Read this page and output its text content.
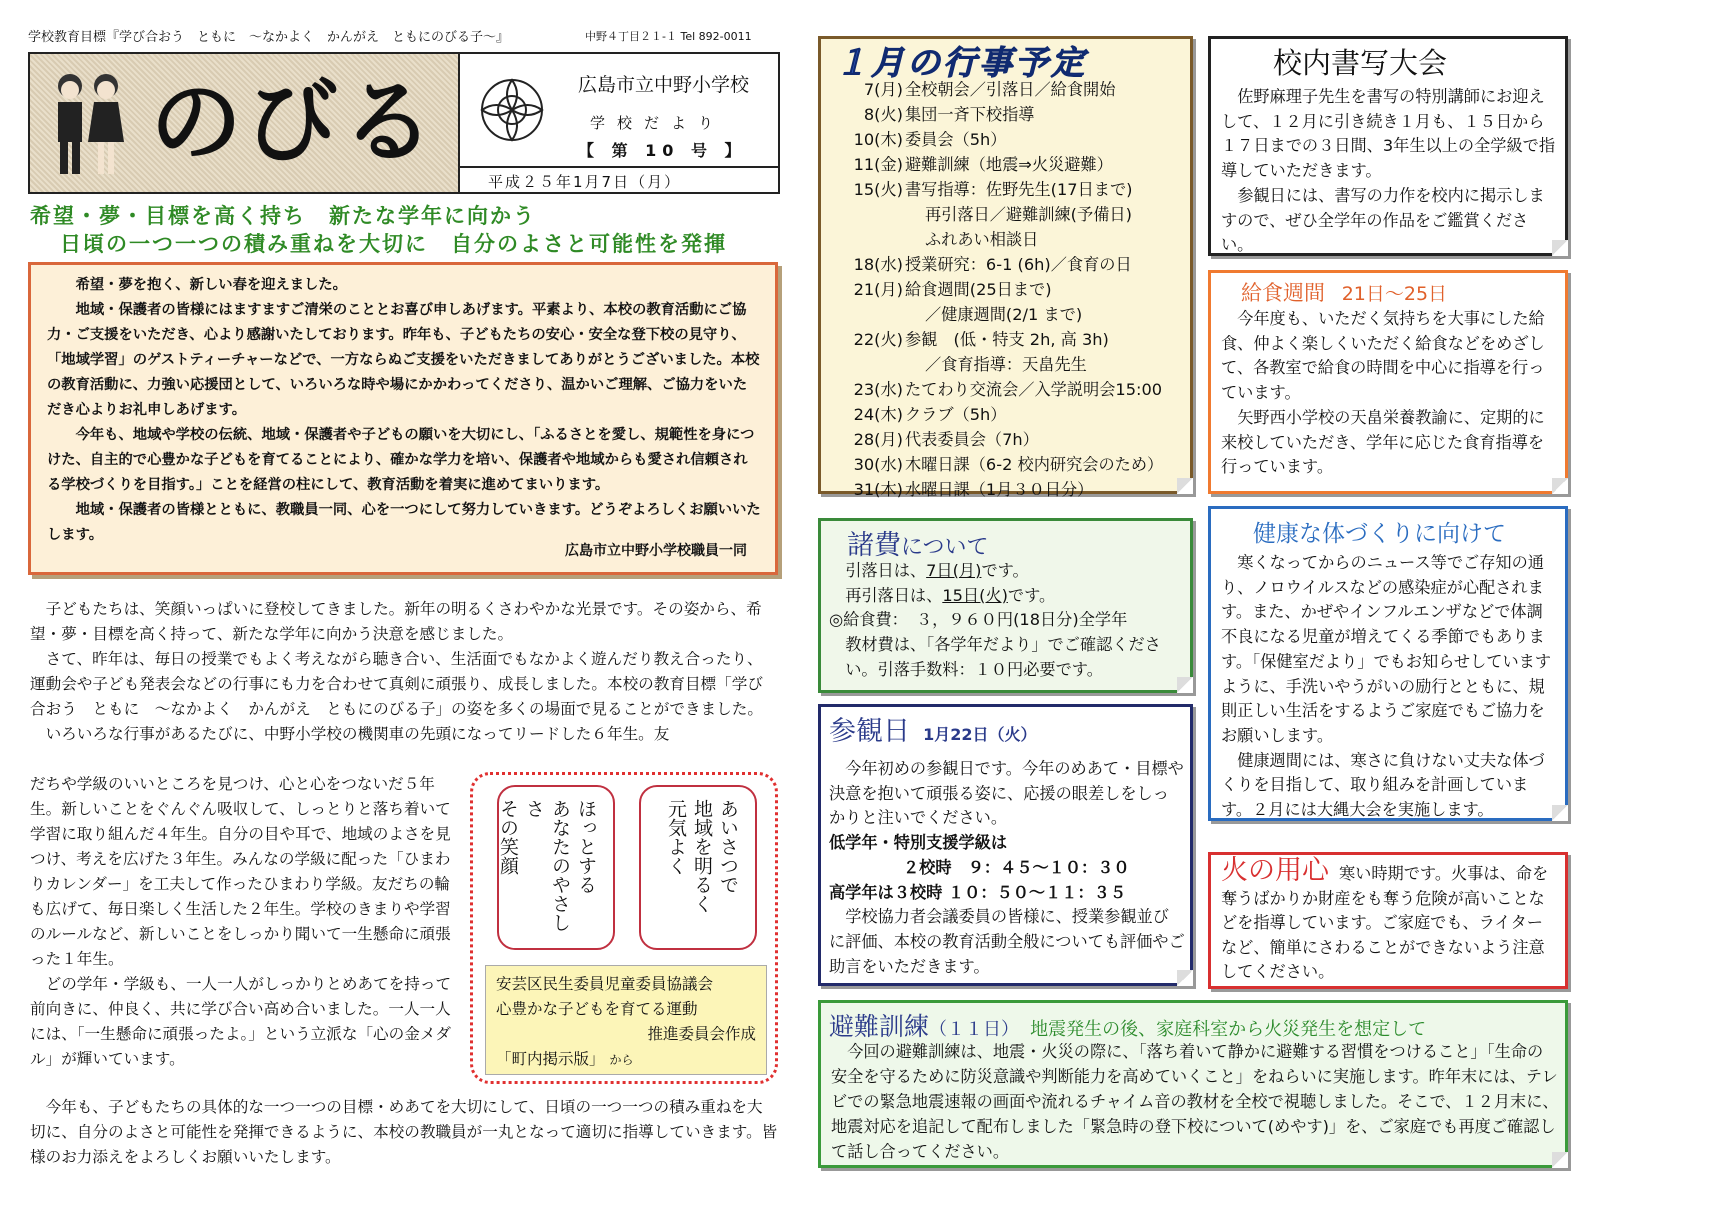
学校教育目標『学び合おう　ともに　～なかよく　かんがえ　ともにのびる子～』	中野４丁目２１-１ Tel 892-0011
のびる	広島市立中野小学校
学校だより
【 第 10 号 】
平成２５年1月7日（月）
希望・夢・目標を高く持ち　新たな学年に向かう
日頃の一つ一つの積み重ねを大切に　自分のよさと可能性を発揮

希望・夢を抱く、新しい春を迎えました。

地域・保護者の皆様にはますますご清栄のこととお喜び申しあげます。平素より、本校の教育活動にご協力・ご支援をいただき、心より感謝いたしております。昨年も、子どもたちの安心・安全な登下校の見守り、「地域学習」のゲストティーチャーなどで、一方ならぬご支援をいただきましてありがとうございました。本校の教育活動に、力強い応援団として、いろいろな時や場にかかわってくださり、温かいご理解、ご協力をいただき心よりお礼申しあげます。

今年も、地域や学校の伝統、地域・保護者や子どもの願いを大切にし、「ふるさとを愛し、規範性を身につけた、自主的で心豊かな子どもを育てることにより、確かな学力を培い、保護者や地域からも愛され信頼される学校づくりを目指す。」ことを経営の柱にして、教育活動を着実に進めてまいります。

地域・保護者の皆様とともに、教職員一同、心を一つにして努力していきます。どうぞよろしくお願いいたします。

広島市立中野小学校職員一同

子どもたちは、笑顔いっぱいに登校してきました。新年の明るくさわやかな光景です。その姿から、希望・夢・目標を高く持って、新たな学年に向かう決意を感じました。

さて、昨年は、毎日の授業でもよく考えながら聴き合い、生活面でもなかよく遊んだり教え合ったり、運動会や子ども発表会などの行事にも力を合わせて真剣に頑張り、成長しました。本校の教育目標「学び合おう　ともに　～なかよく　かんがえ　ともにのびる子」の姿を多くの場面で見ることができました。

いろいろな行事があるたびに、中野小学校の機関車の先頭になってリードした６年生。友

だちや学級のいいところを見つけ、心と心をつないだ５年生。新しいことをぐんぐん吸収して、しっとりと落ち着いて学習に取り組んだ４年生。自分の目や耳で、地域のよさを見つけ、考えを広げた３年生。みんなの学級に配った「ひまわりカレンダー」を工夫して作ったひまわり学級。友だちの輪も広げて、毎日楽しく生活した２年生。学校のきまりや学習のルールなど、新しいことをしっかり聞いて一生懸命に頑張った１年生。

どの学年・学級も、一人一人がしっかりとめあてを持って前向きに、仲良く、共に学び合い高め合いました。一人一人には、「一生懸命に頑張ったよ。」という立派な「心の金メダル」が輝いています。

ほっとする
あなたのやさしさ
その笑顔	あいさつで
地域を明るく
元気よく
安芸区民生委員児童委員協議会
心豊かな子どもを育てる運動
推進委員会作成
「町内掲示版」 から

今年も、子どもたちの具体的な一つ一つの目標・めあてを大切にして、日頃の一つ一つの積み重ねを大切に、自分のよさと可能性を発揮できるように、本校の教職員が一丸となって適切に指導していきます。皆様のお力添えをよろしくお願いいたします。

１月の行事予定
7(月) 全校朝会／引落日／給食開始
8(火) 集団一斉下校指導
10(木) 委員会（5h）
11(金) 避難訓練（地震⇒火災避難）
15(火) 書写指導：佐野先生(17日まで)
再引落日／避難訓練(予備日)
ふれあい相談日
18(水) 授業研究：6-1 (6h)／食育の日
21(月) 給食週間(25日まで)
／健康週間(2/1 まで)
22(火) 参観　(低・特支 2h, 高 3h)
／食育指導：天畠先生
23(水) たてわり交流会／入学説明会15:00
24(木) クラブ（5h）
28(月) 代表委員会（7h）
30(水) 木曜日課（6-2 校内研究会のため）
31(木) 水曜日課（1月３０日分）
校内書写大会

佐野麻理子先生を書写の特別講師にお迎えして、１２月に引き続き１月も、１５日から１７日までの３日間、3年生以上の全学級で指導していただきます。

参観日には、書写の力作を校内に掲示しますので、ぜひ全学年の作品をご鑑賞ください。

給食週間 21日～25日

今年度も、いただく気持ちを大事にした給食、仲よく楽しくいただく給食などをめざして、各教室で給食の時間を中心に指導を行っています。

矢野西小学校の天畠栄養教諭に、定期的に来校していただき、学年に応じた食育指導を行っています。

健康な体づくりに向けて

寒くなってからのニュース等でご存知の通り、ノロウイルスなどの感染症が心配されます。また、かぜやインフルエンザなどで体調不良になる児童が増えてくる季節でもあります。「保健室だより」でもお知らせしていますように、手洗いやうがいの励行とともに、規則正しい生活をするようご家庭でもご協力をお願いします。

健康週間には、寒さに負けない丈夫な体づくりを目指して、取り組みを計画しています。２月には大縄大会を実施します。

火の用心 寒い時期です。火事は、命を奪うばかりか財産をも奪う危険が高いことなどを指導しています。ご家庭でも、ライターなど、簡単にさわることができないよう注意してください。
諸費について
引落日は、7日(月)です。
再引落日は、15日(火)です。
◎給食費：　３，９６０円(18日分)全学年
教材費は、「各学年だより」でご確認ください。引落手数料：１０円必要です。
参観日 1月22日（火）

今年初めの参観日です。今年のめあて・目標や決意を抱いて頑張る姿に、応援の眼差しをしっかりと注いでください。

低学年・特別支援学級は
２校時　９：４５～１０：３０
高学年は３校時 １０：５０～１１：３５

学校協力者会議委員の皆様に、授業参観並びに評価、本校の教育活動全般についても評価やご助言をいただきます。

避難訓練（１１日） 地震発生の後、家庭科室から火災発生を想定して

今回の避難訓練は、地震・火災の際に、「落ち着いて静かに避難する習慣をつけること」「生命の安全を守るために防災意識や判断能力を高めていくこと」をねらいに実施します。昨年末には、テレビでの緊急地震速報の画面や流れるチャイム音の教材を全校で視聴しました。そこで、１２月末に、地震対応を追記して配布しました「緊急時の登下校について(めやす)」を、ご家庭でも再度ご確認して話し合ってください。
